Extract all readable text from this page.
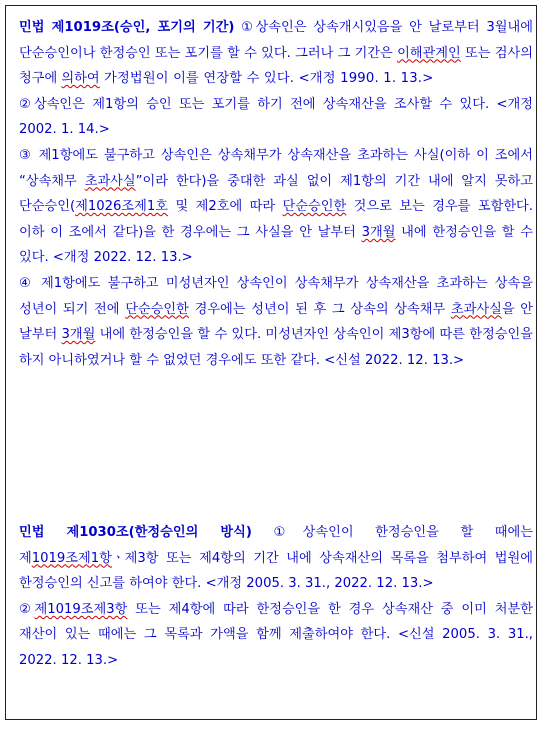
민법 제1019조(승인, 포기의 기간) ①상속인은 상속개시있음을 안 날로부터 3월내에 단순승인이나 한정승인 또는 포기를 할 수 있다. 그러나 그 기간은 이해관계인 또는 검사의 청구에 의하여 가정법원이 이를 연장할 수 있다. <개정 1990. 1. 13.>

②상속인은 제1항의 승인 또는 포기를 하기 전에 상속재산을 조사할 수 있다. <개정 2002. 1. 14.>

③ 제1항에도 불구하고 상속인은 상속채무가 상속재산을 초과하는 사실(이하 이 조에서 “상속채무 초과사실”이라 한다)을 중대한 과실 없이 제1항의 기간 내에 알지 못하고 단순승인(제1026조제1호 및 제2호에 따라 단순승인한 것으로 보는 경우를 포함한다. 이하 이 조에서 같다)을 한 경우에는 그 사실을 안 날부터 3개월 내에 한정승인을 할 수 있다. <개정 2022. 12. 13.>

④ 제1항에도 불구하고 미성년자인 상속인이 상속채무가 상속재산을 초과하는 상속을 성년이 되기 전에 단순승인한 경우에는 성년이 된 후 그 상속의 상속채무 초과사실을 안 날부터 3개월 내에 한정승인을 할 수 있다. 미성년자인 상속인이 제3항에 따른 한정승인을 하지 아니하였거나 할 수 없었던 경우에도 또한 같다. <신설 2022. 12. 13.>

민법 제1030조(한정승인의 방식) ①상속인이 한정승인을 할 때에는 제1019조제1항ㆍ제3항 또는 제4항의 기간 내에 상속재산의 목록을 첨부하여 법원에 한정승인의 신고를 하여야 한다. <개정 2005. 3. 31., 2022. 12. 13.>

②제1019조제3항 또는 제4항에 따라 한정승인을 한 경우 상속재산 중 이미 처분한 재산이 있는 때에는 그 목록과 가액을 함께 제출하여야 한다. <신설 2005. 3. 31., 2022. 12. 13.>
